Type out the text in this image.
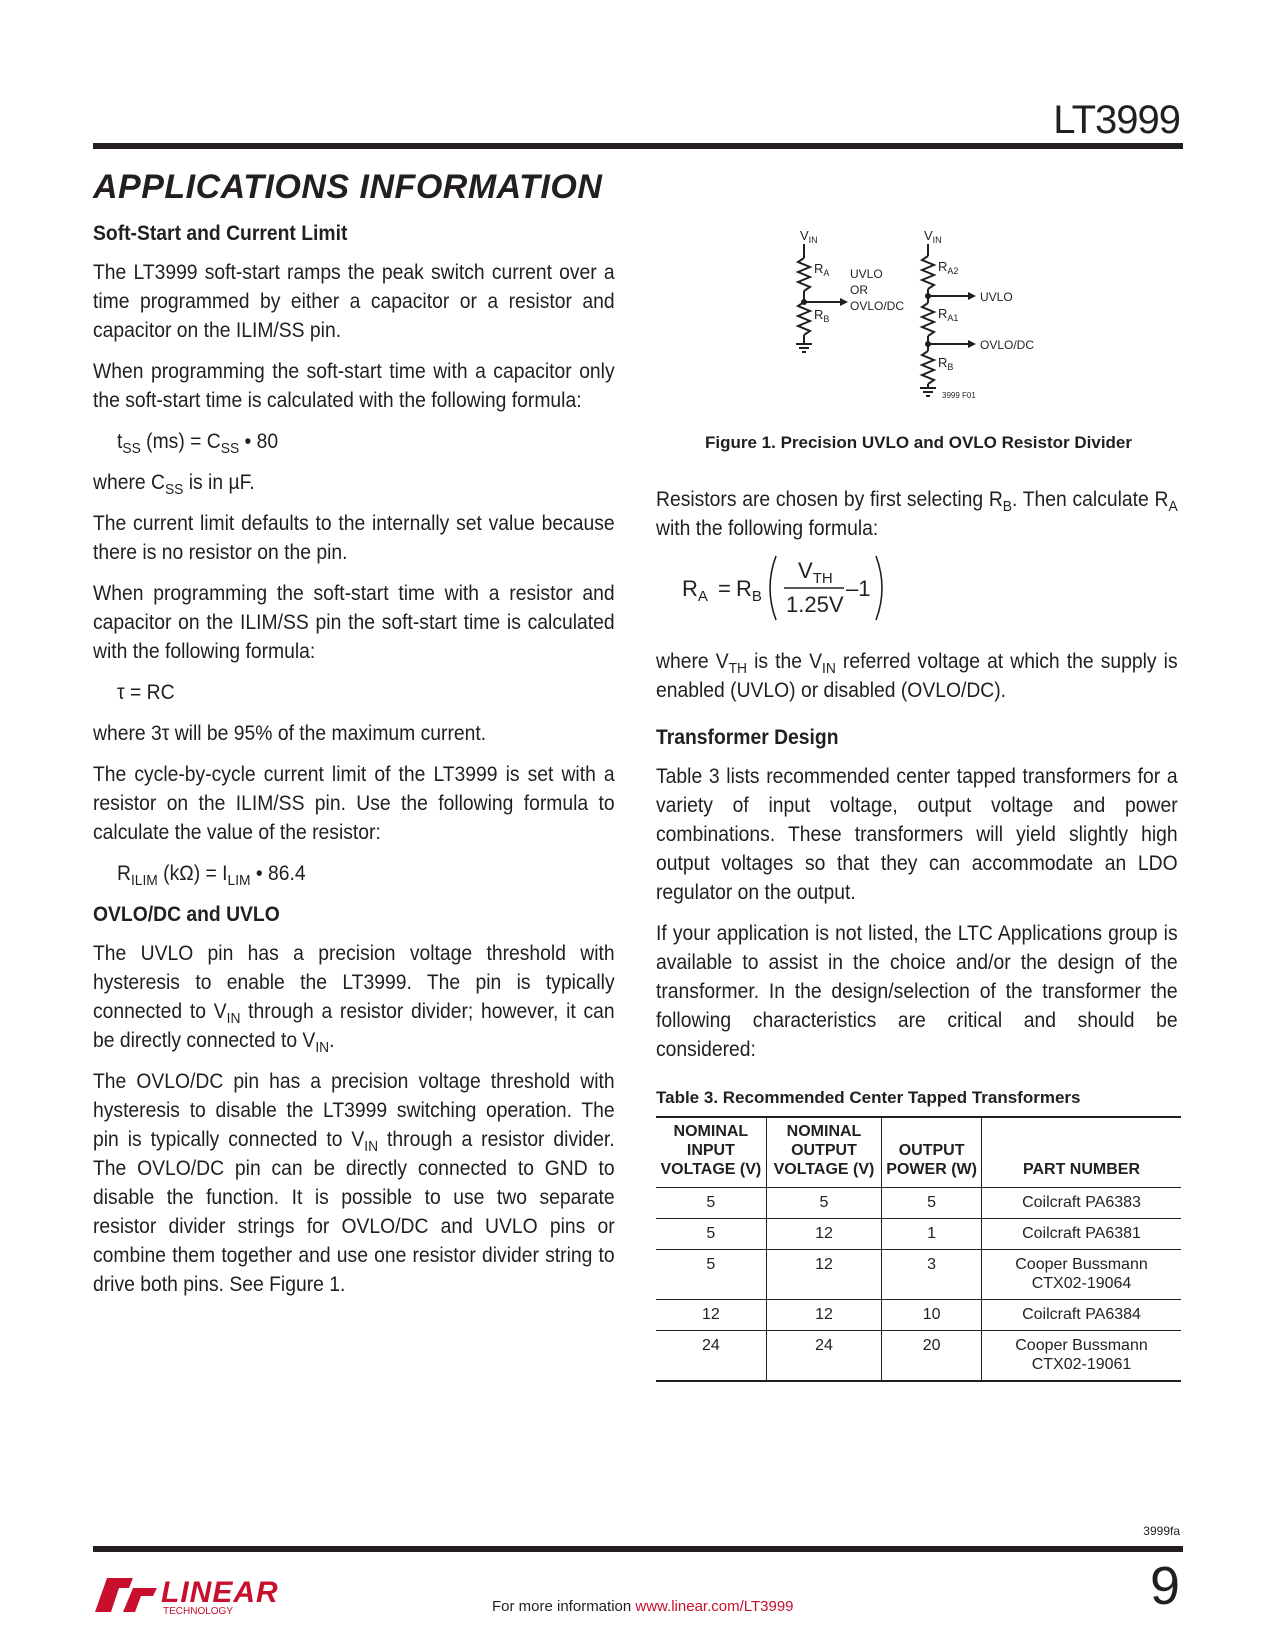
LT3999
APPLICATIONS INFORMATION
Soft-Start and Current Limit

The LT3999 soft-start ramps the peak switch current over a time programmed by either a capacitor or a resistor and capacitor on the ILIM/SS pin.

When programming the soft-start time with a capacitor only the soft-start time is calculated with the following formula:

$t_{SS}$ $(ms) = C_{SS}$ • 80

where $C_{SS}$ is in µF.

The current limit defaults to the internally set value because there is no resistor on the pin.

When programming the soft-start time with a resistor and capacitor on the ILIM/SS pin the soft-start time is calculated with the following formula:

τ = RC

where 3τ will be 95% of the maximum current.

The cycle-by-cycle current limit of the LT3999 is set with a resistor on the ILIM/SS pin. Use the following formula to calculate the value of the resistor:

$R_{ILIM}$ $(k\Omega) = I_{LIM}$ • 86.4
OVLO/DC and UVLO

The UVLO pin has a precision voltage threshold with hysteresis to enable the LT3999. The pin is typically connected to $V_{IN}$ through a resistor divider; however, it can be directly connected to $V_{IN}$.

The OVLO/DC pin has a precision voltage threshold with hysteresis to disable the LT3999 switching operation. The pin is typically connected to $V_{IN}$ through a resistor divider. The OVLO/DC pin can be directly connected to GND to disable the function. It is possible to use two separate resistor divider strings for OVLO/DC and UVLO pins or combine them together and use one resistor divider string to drive both pins. See Figure 1.

$V_{IN}$
$R_A$ UVLO
OR
OVLO/DC
$R_B$
$V_{IN}$
$R_{A2}$
UVLO
$R_{A1}$
OVLO/DC
$R_B$
3999 F01
Figure 1. Precision UVLO and OVLO Resistor Divider

Resistors are chosen by first selecting $R_B$. Then calculate $R_A$ with the following formula:

where $V_{TH}$ is the $V_{IN}$ referred voltage at which the supply is enabled (UVLO) or disabled (OVLO/DC).

Transformer Design

Table 3 lists recommended center tapped transformers for a variety of input voltage, output voltage and power combinations. These transformers will yield slightly high output voltages so that they can accommodate an LDO regulator on the output.

If your application is not listed, the LTC Applications group is available to assist in the choice and/or the design of the transformer. In the design/selection of the transformer the following characteristics are critical and should be considered:

$R_A = R_B$
$V_{TH}$
1.25V
–1
Table 3. Recommended Center Tapped Transformers
NOMINAL INPUT VOLTAGE (V)	NOMINAL OUTPUT VOLTAGE (V)	OUTPUT POWER (W)	PART NUMBER
5	5	5	Coilcraft PA6383
5	12	1	Coilcraft PA6381
5	12	3	Cooper Bussmann CTX02-19064
12	12	10	Coilcraft PA6384
24	24	20	Cooper Bussmann CTX02-19061
3999fa
LINEAR
TECHNOLOGY	For more information www.linear.com/LT3999	9
